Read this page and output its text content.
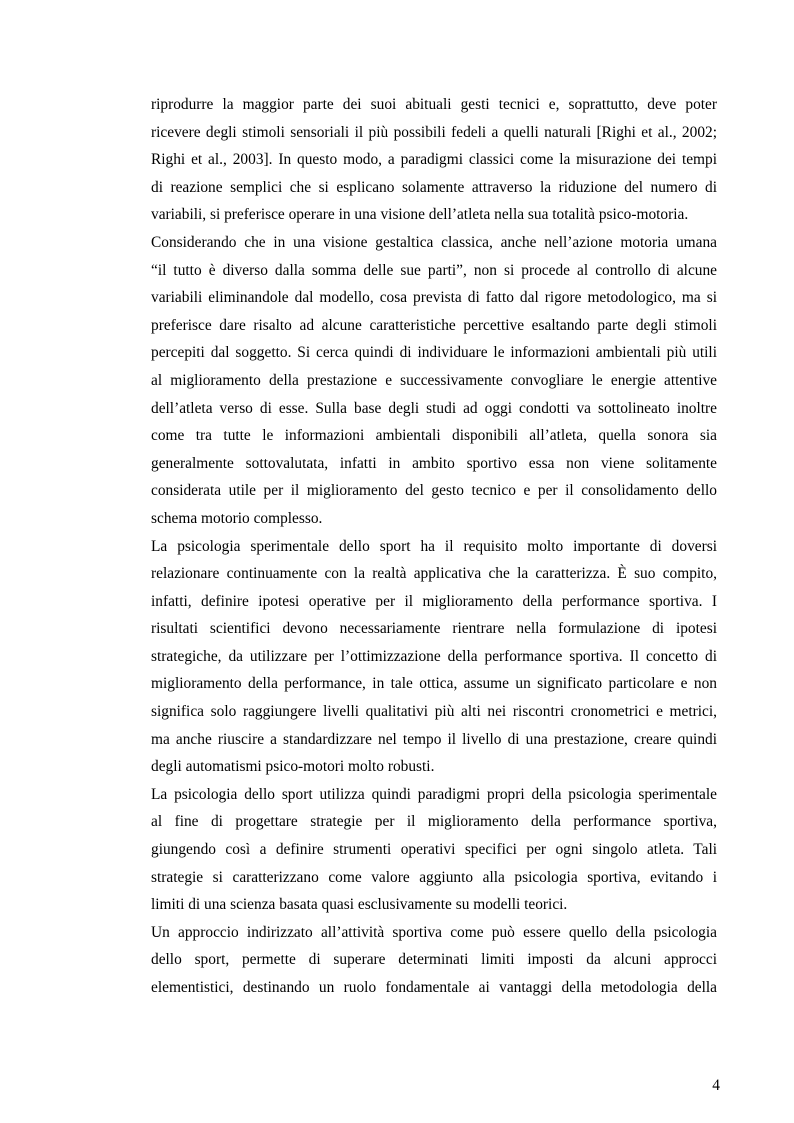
riprodurre la maggior parte dei suoi abituali gesti tecnici e, soprattutto, deve poter
ricevere degli stimoli sensoriali il più possibili fedeli a quelli naturali [Righi et al., 2002;
Righi et al., 2003]. In questo modo, a paradigmi classici come la misurazione dei tempi
di reazione semplici che si esplicano solamente attraverso la riduzione del numero di
variabili, si preferisce operare in una visione dell’atleta nella sua totalità psico-motoria.

Considerando che in una visione gestaltica classica, anche nell’azione motoria umana
“il tutto è diverso dalla somma delle sue parti”, non si procede al controllo di alcune
variabili eliminandole dal modello, cosa prevista di fatto dal rigore metodologico, ma si
preferisce dare risalto ad alcune caratteristiche percettive esaltando parte degli stimoli
percepiti dal soggetto. Si cerca quindi di individuare le informazioni ambientali più utili
al miglioramento della prestazione e successivamente convogliare le energie attentive
dell’atleta verso di esse. Sulla base degli studi ad oggi condotti va sottolineato inoltre
come tra tutte le informazioni ambientali disponibili all’atleta, quella sonora sia
generalmente sottovalutata, infatti in ambito sportivo essa non viene solitamente
considerata utile per il miglioramento del gesto tecnico e per il consolidamento dello
schema motorio complesso.

La psicologia sperimentale dello sport ha il requisito molto importante di doversi
relazionare continuamente con la realtà applicativa che la caratterizza. È suo compito,
infatti, definire ipotesi operative per il miglioramento della performance sportiva. I
risultati scientifici devono necessariamente rientrare nella formulazione di ipotesi
strategiche, da utilizzare per l’ottimizzazione della performance sportiva. Il concetto di
miglioramento della performance, in tale ottica, assume un significato particolare e non
significa solo raggiungere livelli qualitativi più alti nei riscontri cronometrici e metrici,
ma anche riuscire a standardizzare nel tempo il livello di una prestazione, creare quindi
degli automatismi psico-motori molto robusti.

La psicologia dello sport utilizza quindi paradigmi propri della psicologia sperimentale
al fine di progettare strategie per il miglioramento della performance sportiva,
giungendo così a definire strumenti operativi specifici per ogni singolo atleta. Tali
strategie si caratterizzano come valore aggiunto alla psicologia sportiva, evitando i
limiti di una scienza basata quasi esclusivamente su modelli teorici.

Un approccio indirizzato all’attività sportiva come può essere quello della psicologia
dello sport, permette di superare determinati limiti imposti da alcuni approcci
elementistici, destinando un ruolo fondamentale ai vantaggi della metodologia della

4
